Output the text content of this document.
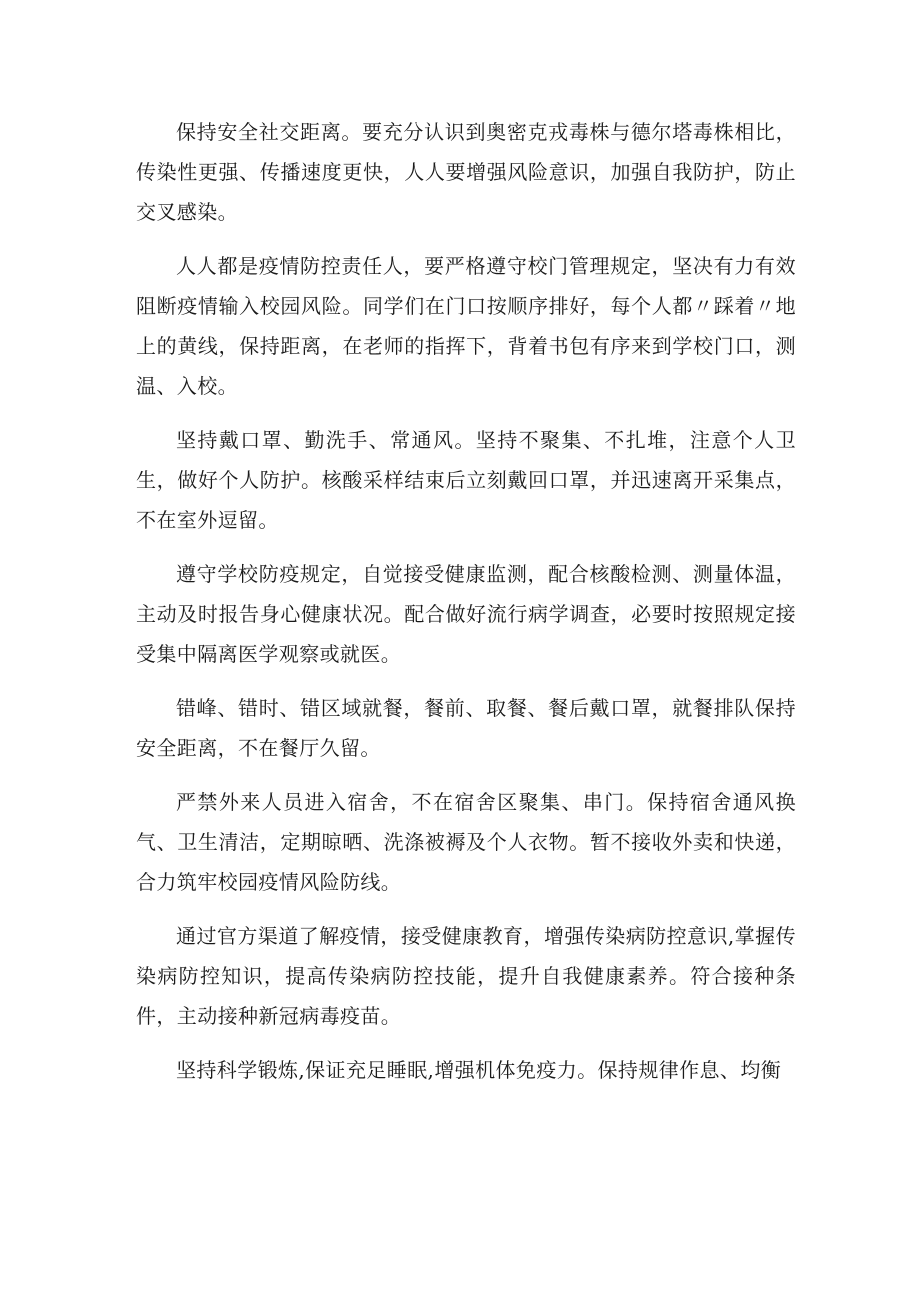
保持安全社交距离。要充分认识到奥密克戎毒株与德尔塔毒株相比，传染性更强、传播速度更快，人人要增强风险意识，加强自我防护，防止交叉感染。

人人都是疫情防控责任人，要严格遵守校门管理规定，坚决有力有效阻断疫情输入校园风险。同学们在门口按顺序排好，每个人都〃踩着〃地上的黄线，保持距离，在老师的指挥下，背着书包有序来到学校门口，测温、入校。

坚持戴口罩、勤洗手、常通风。坚持不聚集、不扎堆，注意个人卫生，做好个人防护。核酸采样结束后立刻戴回口罩，并迅速离开采集点，不在室外逗留。

遵守学校防疫规定，自觉接受健康监测，配合核酸检测、测量体温，主动及时报告身心健康状况。配合做好流行病学调查，必要时按照规定接受集中隔离医学观察或就医。

错峰、错时、错区域就餐，餐前、取餐、餐后戴口罩，就餐排队保持安全距离，不在餐厅久留。

严禁外来人员进入宿舍，不在宿舍区聚集、串门。保持宿舍通风换气、卫生清洁，定期晾晒、洗涤被褥及个人衣物。暂不接收外卖和快递，合力筑牢校园疫情风险防线。

通过官方渠道了解疫情，接受健康教育，增强传染病防控意识,掌握传染病防控知识，提高传染病防控技能，提升自我健康素养。符合接种条件，主动接种新冠病毒疫苗。

坚持科学锻炼,保证充足睡眠,增强机体免疫力。保持规律作息、均衡
